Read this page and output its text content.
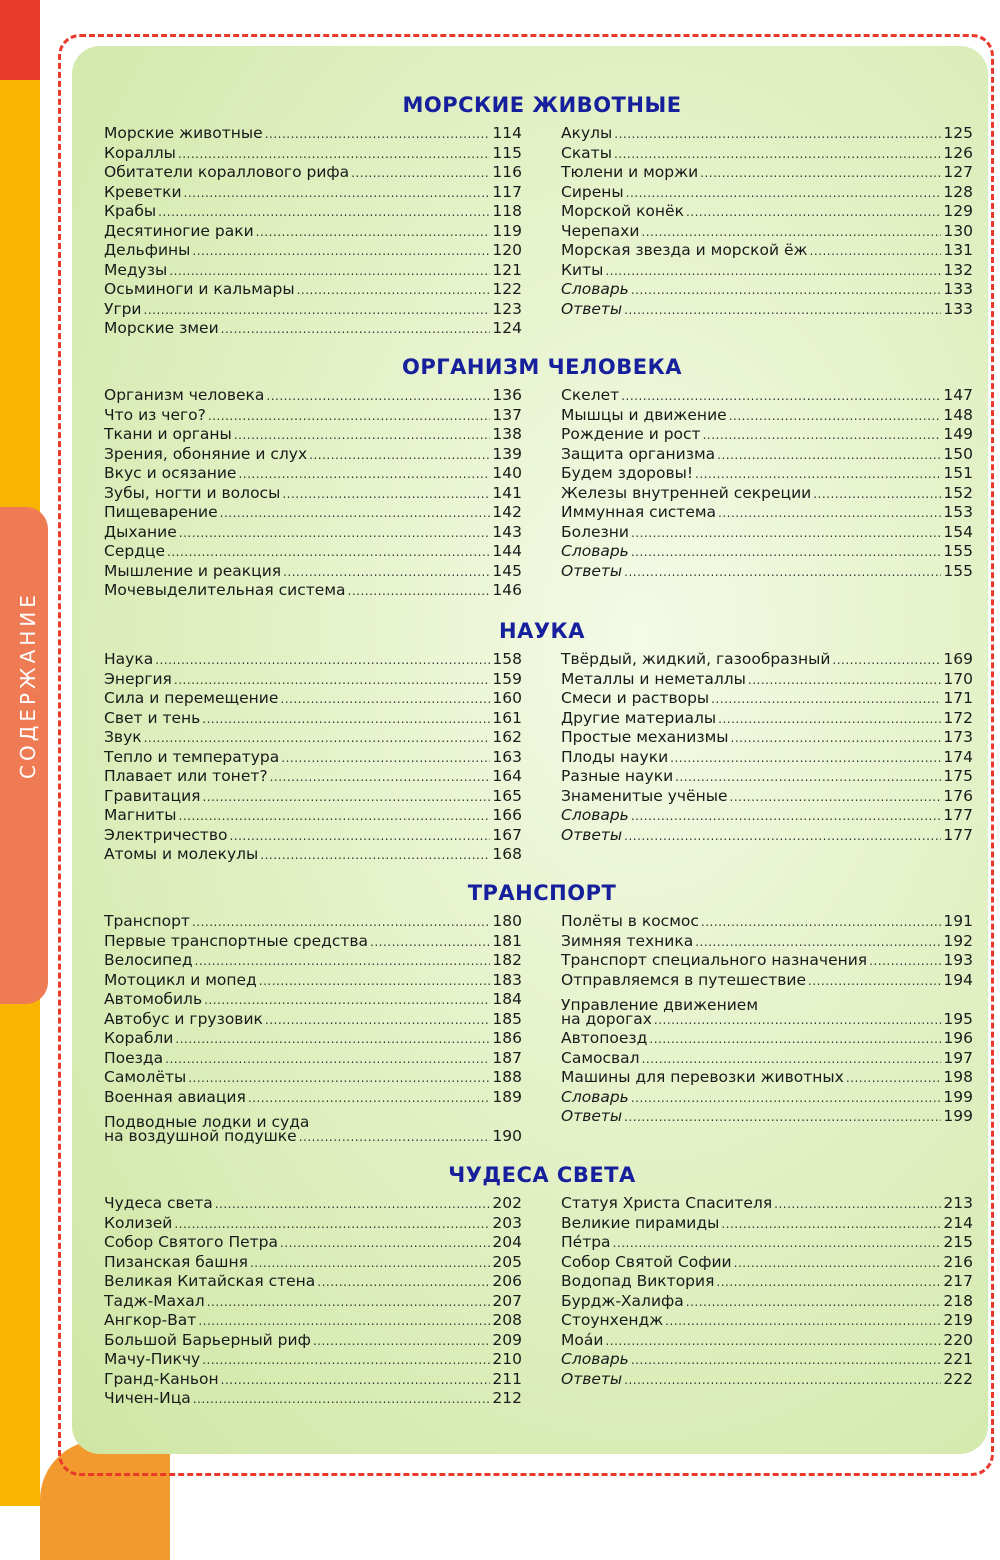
МОРСКИЕ ЖИВОТНЫЕ
Морские животные .....	114
Кораллы .....	115
Обитатели кораллового рифа .....	116
Креветки .....	117
Крабы .....	118
Десятиногие раки .....	119
Дельфины .....	120
Медузы .....	121
Осьминоги и кальмары .....	122
Угри .....	123
Морские змеи .....	124
Акулы .....	125
Скаты .....	126
Тюлени и моржи .....	127
Сирены .....	128
Морской конёк .....	129
Черепахи .....	130
Морская звезда и морской ёж .....	131
Киты .....	132
Словарь .....	133
Ответы .....	133
ОРГАНИЗМ ЧЕЛОВЕКА
Организм человека .....	136
Что из чего? .....	137
Ткани и органы .....	138
Зрения, обоняние и слух .....	139
Вкус и осязание .....	140
Зубы, ногти и волосы .....	141
Пищеварение .....	142
Дыхание .....	143
Сердце .....	144
Мышление и реакция .....	145
Мочевыделительная система .....	146
Скелет .....	147
Мышцы и движение .....	148
Рождение и рост .....	149
Защита организма .....	150
Будем здоровы! .....	151
Железы внутренней секреции .....	152
Иммунная система .....	153
Болезни .....	154
Словарь .....	155
Ответы .....	155
НАУКА
Наука .....	158
Энергия .....	159
Сила и перемещение .....	160
Свет и тень .....	161
Звук .....	162
Тепло и температура .....	163
Плавает или тонет? .....	164
Гравитация .....	165
Магниты .....	166
Электричество .....	167
Атомы и молекулы .....	168
Твёрдый, жидкий, газообразный .....	169
Металлы и неметаллы .....	170
Смеси и растворы .....	171
Другие материалы .....	172
Простые механизмы .....	173
Плоды науки .....	174
Разные науки .....	175
Знаменитые учёные .....	176
Словарь .....	177
Ответы .....	177
ТРАНСПОРТ
Транспорт .....	180
Первые транспортные средства .....	181
Велосипед .....	182
Мотоцикл и мопед .....	183
Автомобиль .....	184
Автобус и грузовик .....	185
Корабли .....	186
Поезда .....	187
Самолёты .....	188
Военная авиация .....	189
Подводные лодки и суда
на воздушной подушке .....	190
Полёты в космос .....	191
Зимняя техника .....	192
Транспорт специального назначения .....	193
Отправляемся в путешествие .....	194
Управление движением
на дорогах .....	195
Автопоезд .....	196
Самосвал .....	197
Машины для перевозки животных .....	198
Словарь .....	199
Ответы .....	199
ЧУДЕСА СВЕТА
Чудеса света .....	202
Колизей .....	203
Собор Святого Петра .....	204
Пизанская башня .....	205
Великая Китайская стена .....	206
Тадж-Махал .....	207
Ангкор-Ват .....	208
Большой Барьерный риф .....	209
Мачу-Пикчу .....	210
Гранд-Каньон .....	211
Чичен-Ица .....	212
Статуя Христа Спасителя .....	213
Великие пирамиды .....	214
Пе́тра .....	215
Собор Святой Софии .....	216
Водопад Виктория .....	217
Бурдж-Халифа .....	218
Стоунхендж .....	219
Моа́и .....	220
Словарь .....	221
Ответы .....	222
